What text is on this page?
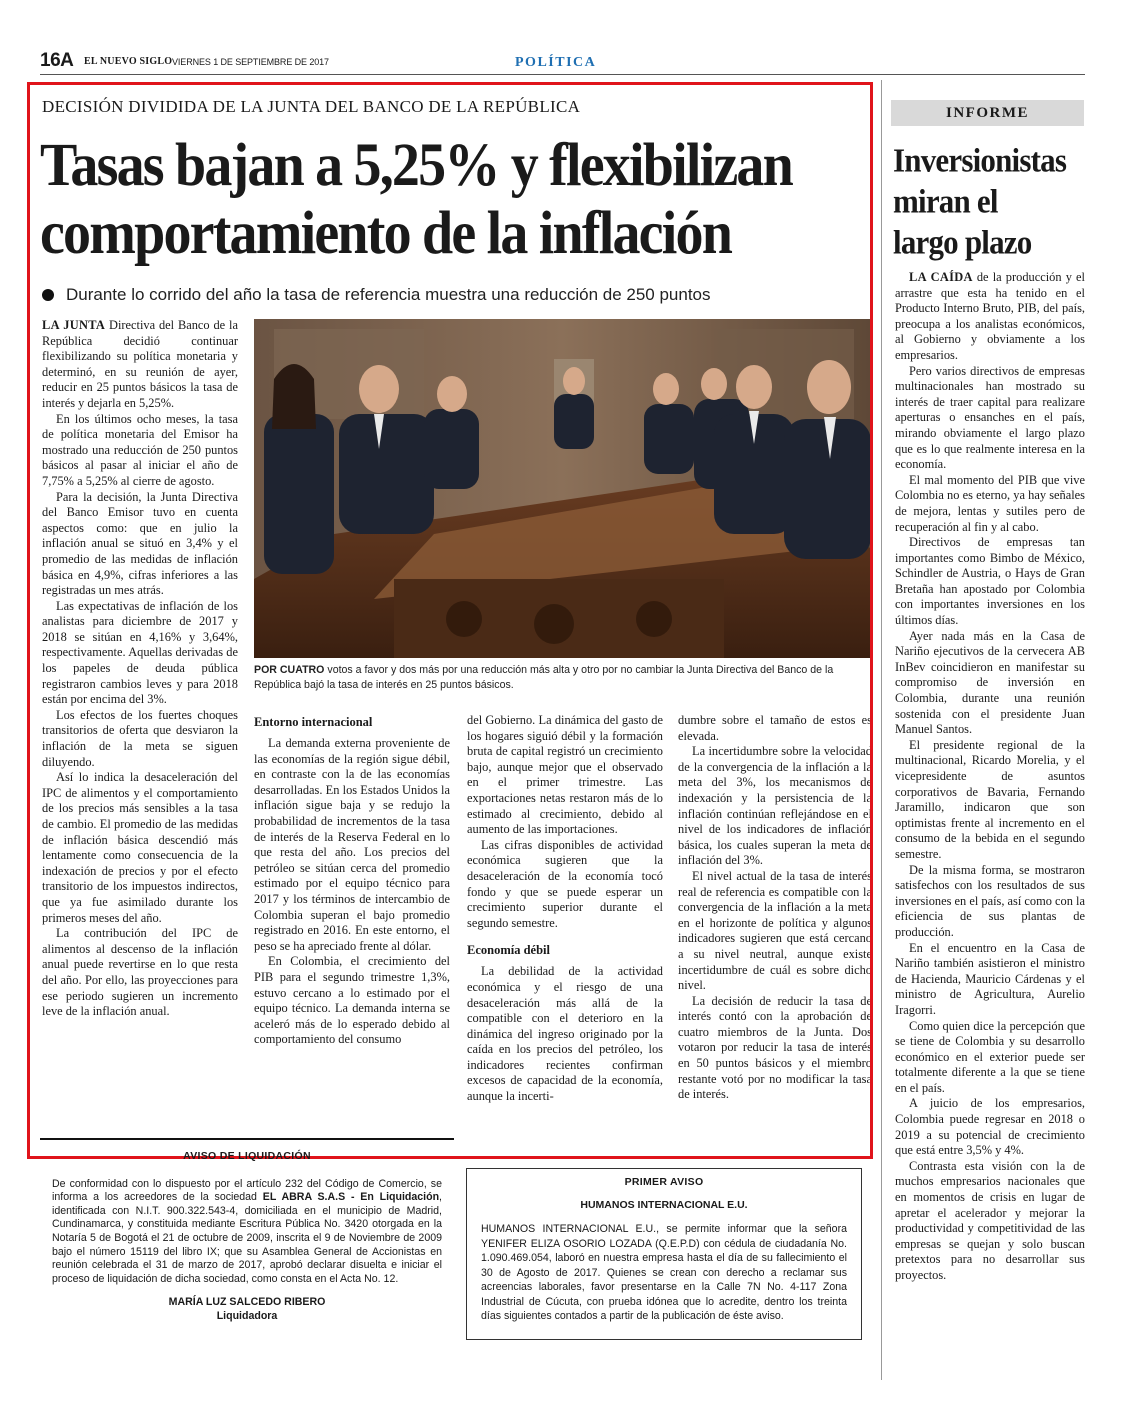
16A EL NUEVO SIGLO VIERNES 1 DE SEPTIEMBRE DE 2017	POLÍTICA
DECISIÓN DIVIDIDA DE LA JUNTA DEL BANCO DE LA REPÚBLICA
Tasas bajan a 5,25% y flexibilizan
comportamiento de la inflación
Durante lo corrido del año la tasa de referencia muestra una reducción de 250 puntos

LA JUNTA Directiva del Banco de la República decidió continuar flexibilizando su política monetaria y determinó, en su reunión de ayer, reducir en 25 puntos básicos la tasa de interés y dejarla en 5,25%.

En los últimos ocho meses, la tasa de política monetaria del Emisor ha mostrado una reducción de 250 puntos básicos al pasar al iniciar el año de 7,75% a 5,25% al cierre de agosto.

Para la decisión, la Junta Directiva del Banco Emisor tuvo en cuenta aspectos como: que en julio la inflación anual se situó en 3,4% y el promedio de las medidas de inflación básica en 4,9%, cifras inferiores a las registradas un mes atrás.

Las expectativas de inflación de los analistas para diciembre de 2017 y 2018 se sitúan en 4,16% y 3,64%, respectivamente. Aquellas derivadas de los papeles de deuda pública registraron cambios leves y para 2018 están por encima del 3%.

Los efectos de los fuertes choques transitorios de oferta que desviaron la inflación de la meta se siguen diluyendo.

Así lo indica la desaceleración del IPC de alimentos y el comportamiento de los precios más sensibles a la tasa de cambio. El promedio de las medidas de inflación básica descendió más lentamente como consecuencia de la indexación de precios y por el efecto transitorio de los impuestos indirectos, que ya fue asimilado durante los primeros meses del año.

La contribución del IPC de alimentos al descenso de la inflación anual puede revertirse en lo que resta del año. Por ello, las proyecciones para ese periodo sugieren un incremento leve de la inflación anual.

POR CUATRO votos a favor y dos más por una reducción más alta y otro por no cambiar la Junta Directiva del Banco de la República bajó la tasa de interés en 25 puntos básicos.
Entorno internacional

La demanda externa proveniente de las economías de la región sigue débil, en contraste con la de las economías desarrolladas. En los Estados Unidos la inflación sigue baja y se redujo la probabilidad de incrementos de la tasa de interés de la Reserva Federal en lo que resta del año. Los precios del petróleo se sitúan cerca del promedio estimado por el equipo técnico para 2017 y los términos de intercambio de Colombia superan el bajo promedio registrado en 2016. En este entorno, el peso se ha apreciado frente al dólar.

En Colombia, el crecimiento del PIB para el segundo trimestre 1,3%, estuvo cercano a lo estimado por el equipo técnico. La demanda interna se aceleró más de lo esperado debido al comportamiento del consumo

del Gobierno. La dinámica del gasto de los hogares siguió débil y la formación bruta de capital registró un crecimiento bajo, aunque mejor que el observado en el primer trimestre. Las exportaciones netas restaron más de lo estimado al crecimiento, debido al aumento de las importaciones.

Las cifras disponibles de actividad económica sugieren que la desaceleración de la economía tocó fondo y que se puede esperar un crecimiento superior durante el segundo semestre.

Economía débil

La debilidad de la actividad económica y el riesgo de una desaceleración más allá de la compatible con el deterioro en la dinámica del ingreso originado por la caída en los precios del petróleo, los indicadores recientes confirman excesos de capacidad de la economía, aunque la incerti-

dumbre sobre el tamaño de estos es elevada.

La incertidumbre sobre la velocidad de la convergencia de la inflación a la meta del 3%, los mecanismos de indexación y la persistencia de la inflación continúan reflejándose en el nivel de los indicadores de inflación básica, los cuales superan la meta de inflación del 3%.

El nivel actual de la tasa de interés real de referencia es compatible con la convergencia de la inflación a la meta en el horizonte de política y algunos indicadores sugieren que está cercano a su nivel neutral, aunque existe incertidumbre de cuál es sobre dicho nivel.

La decisión de reducir la tasa de interés contó con la aprobación de cuatro miembros de la Junta. Dos votaron por reducir la tasa de interés en 50 puntos básicos y el miembro restante votó por no modificar la tasa de interés.

INFORME
Inversionistas
miran el
largo plazo

LA CAÍDA de la producción y el arrastre que esta ha tenido en el Producto Interno Bruto, PIB, del país, preocupa a los analistas económicos, al Gobierno y obviamente a los empresarios.

Pero varios directivos de empresas multinacionales han mostrado su interés de traer capital para realizare aperturas o ensanches en el país, mirando obviamente el largo plazo que es lo que realmente interesa en la economía.

El mal momento del PIB que vive Colombia no es eterno, ya hay señales de mejora, lentas y sutiles pero de recuperación al fin y al cabo.

Directivos de empresas tan importantes como Bimbo de México, Schindler de Austria, o Hays de Gran Bretaña han apostado por Colombia con importantes inversiones en los últimos días.

Ayer nada más en la Casa de Nariño ejecutivos de la cervecera AB InBev coincidieron en manifestar su compromiso de inversión en Colombia, durante una reunión sostenida con el presidente Juan Manuel Santos.

El presidente regional de la multinacional, Ricardo Morelia, y el vicepresidente de asuntos corporativos de Bavaria, Fernando Jaramillo, indicaron que son optimistas frente al incremento en el consumo de la bebida en el segundo semestre.

De la misma forma, se mostraron satisfechos con los resultados de sus inversiones en el país, así como con la eficiencia de sus plantas de producción.

En el encuentro en la Casa de Nariño también asistieron el ministro de Hacienda, Mauricio Cárdenas y el ministro de Agricultura, Aurelio Iragorri.

Como quien dice la percepción que se tiene de Colombia y su desarrollo económico en el exterior puede ser totalmente diferente a la que se tiene en el país.

A juicio de los empresarios, Colombia puede regresar en 2018 o 2019 a su potencial de crecimiento que está entre 3,5% y 4%.

Contrasta esta visión con la de muchos empresarios nacionales que en momentos de crisis en lugar de apretar el acelerador y mejorar la productividad y competitividad de las empresas se quejan y solo buscan pretextos para no desarrollar sus proyectos.

AVISO DE LIQUIDACIÓN
De conformidad con lo dispuesto por el artículo 232 del Código de Comercio, se informa a los acreedores de la sociedad EL ABRA S.A.S - En Liquidación, identificada con N.I.T. 900.322.543-4, domiciliada en el municipio de Madrid, Cundinamarca, y constituida mediante Escritura Pública No. 3420 otorgada en la Notaría 5 de Bogotá el 21 de octubre de 2009, inscrita el 9 de Noviembre de 2009 bajo el número 15119 del libro IX; que su Asamblea General de Accionistas en reunión celebrada el 31 de marzo de 2017, aprobó declarar disuelta e iniciar el proceso de liquidación de dicha sociedad, como consta en el Acta No. 12.
MARÍA LUZ SALCEDO RIBERO
Liquidadora
PRIMER AVISO
HUMANOS INTERNACIONAL E.U.
HUMANOS INTERNACIONAL E.U., se permite informar que la señora YENIFER ELIZA OSORIO LOZADA (Q.E.P.D) con cédula de ciudadanía No. 1.090.469.054, laboró en nuestra empresa hasta el día de su fallecimiento el 30 de Agosto de 2017. Quienes se crean con derecho a reclamar sus acreencias laborales, favor presentarse en la Calle 7N No. 4-117 Zona Industrial de Cúcuta, con prueba idónea que lo acredite, dentro los treinta días siguientes contados a partir de la publicación de éste aviso.
